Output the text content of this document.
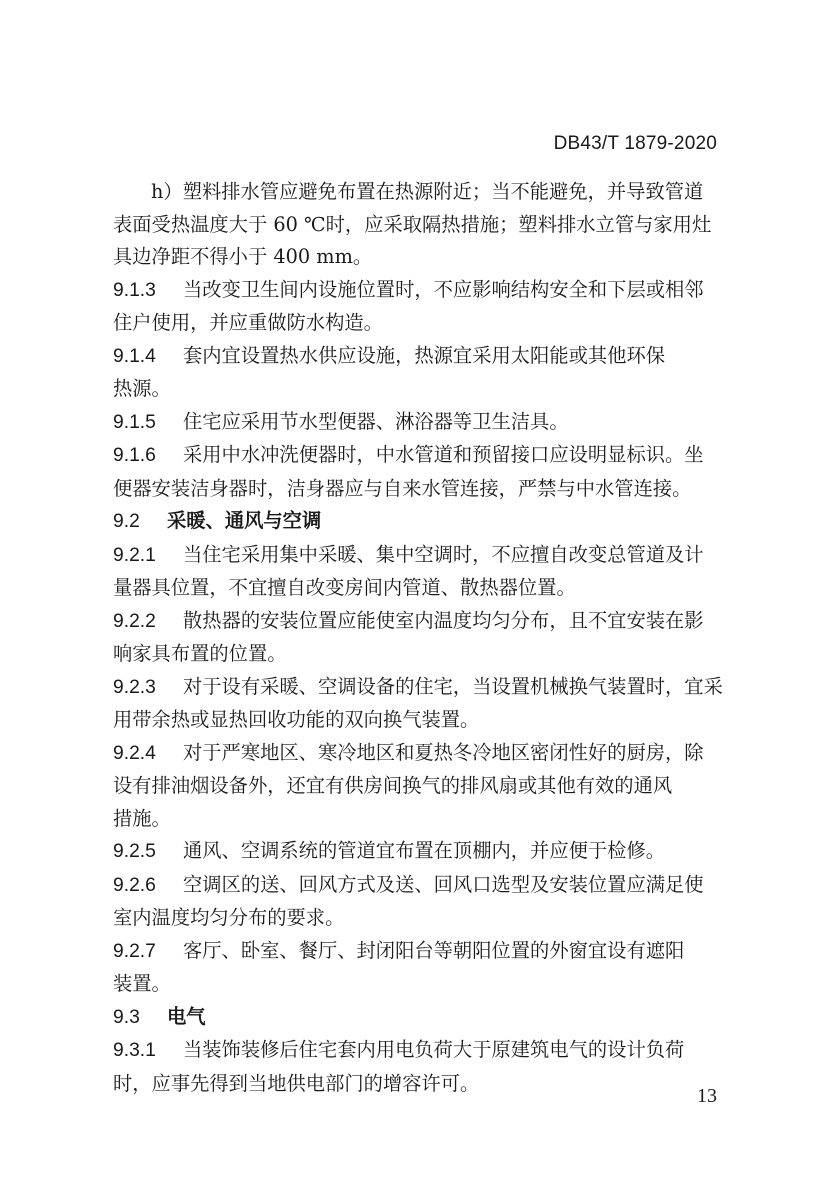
DB43/T 1879-2020
h）塑料排水管应避免布置在热源附近；当不能避免，并导致管道
表面受热温度大于 60 ℃时，应采取隔热措施；塑料排水立管与家用灶
具边净距不得小于 400 mm。
9.1.3 当改变卫生间内设施位置时，不应影响结构安全和下层或相邻
住户使用，并应重做防水构造。
9.1.4 套内宜设置热水供应设施，热源宜采用太阳能或其他环保
热源。
9.1.5 住宅应采用节水型便器、淋浴器等卫生洁具。
9.1.6 采用中水冲洗便器时，中水管道和预留接口应设明显标识。坐
便器安装洁身器时，洁身器应与自来水管连接，严禁与中水管连接。
9.2 采暖、通风与空调
9.2.1 当住宅采用集中采暖、集中空调时，不应擅自改变总管道及计
量器具位置，不宜擅自改变房间内管道、散热器位置。
9.2.2 散热器的安装位置应能使室内温度均匀分布，且不宜安装在影
响家具布置的位置。
9.2.3 对于设有采暖、空调设备的住宅，当设置机械换气装置时，宜采
用带余热或显热回收功能的双向换气装置。
9.2.4 对于严寒地区、寒冷地区和夏热冬冷地区密闭性好的厨房，除
设有排油烟设备外，还宜有供房间换气的排风扇或其他有效的通风
措施。
9.2.5 通风、空调系统的管道宜布置在顶棚内，并应便于检修。
9.2.6 空调区的送、回风方式及送、回风口选型及安装位置应满足使
室内温度均匀分布的要求。
9.2.7 客厅、卧室、餐厅、封闭阳台等朝阳位置的外窗宜设有遮阳
装置。
9.3 电气
9.3.1 当装饰装修后住宅套内用电负荷大于原建筑电气的设计负荷
时，应事先得到当地供电部门的增容许可。
13
